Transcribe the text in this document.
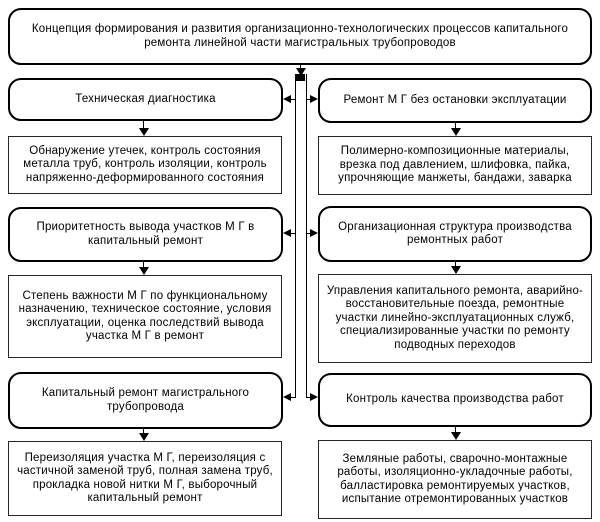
Концепция формирования и развития организационно-технологических процессов капитального ремонта линейной части магистральных трубопроводов
Техническая диагностика
Обнаружение утечек, контроль состояния металла труб, контроль изоляции, контроль напряженно-деформированного состояния
Приоритетность вывода участков М Г в капитальный ремонт
Степень важности М Г по функциональному назначению, техническое состояние, условия эксплуатации, оценка последствий вывода участка М Г в ремонт
Капитальный ремонт магистрального трубопровода
Переизоляция участка М Г, переизоляция с частичной заменой труб, полная замена труб, прокладка новой нитки М Г, выборочный капитальный ремонт
Ремонт М Г без остановки эксплуатации
Полимерно-композиционные материалы, врезка под давлением, шлифовка, пайка, упрочняющие манжеты, бандажи, заварка
Организационная структура производства ремонтных работ
Управления капитального ремонта, аварийно-восстановительные поезда, ремонтные участки линейно-эксплуатационных служб, специализированные участки по ремонту подводных переходов
Контроль качества производства работ
Земляные работы, сварочно-монтажные работы, изоляционно-укладочные работы, балластировка ремонтируемых участков, испытание отремонтированных участков
